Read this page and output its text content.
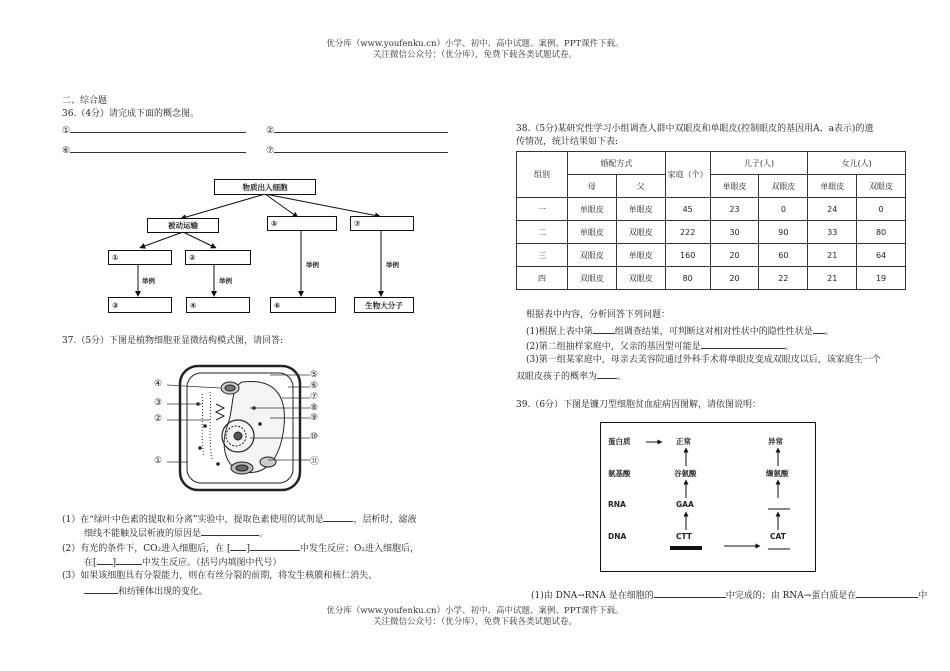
优分库（www.youfenku.cn）小学、初中、高中试题、案例、PPT课件下载。
关注微信公众号：（优分库），免费下载各类试题试卷。
优分库（www.youfenku.cn）小学、初中、高中试题、案例、PPT课件下载。
关注微信公众号：（优分库），免费下载各类试题试卷。
二、综合题
36.（4分）请完成下面的概念图。
①	②
⑥	⑦
物质出入细胞
被动运输	⑤	⑦
①	②
举例	举例
举例	举例
③	④	⑥	生物大分子
37.（5分）下图是植物细胞亚显微结构模式图，请回答:
④
③
②
①
⑤
⑥
⑦
⑧
⑨
⑩
⑪
(1）在“绿叶中色素的提取和分离”实验中，提取色素使用的试剂是	，层析时，滤液
细线不能触及层析液的原因是	。
(2）有光的条件下，CO₂进入细胞后，在 [ ]	中发生反应；O₂进入细胞后，
在[ ]	中发生反应。（括号内填图中代号）
(3）如果该细胞具有分裂能力，则在有丝分裂的前期，将发生核膜和核仁消失、
和纺锤体出现的变化。
38.（5分)某研究性学习小组调查人群中双眼皮和单眼皮(控制眼皮的基因用A、a表示)的遗
传情况，统计结果如下表:
组别	婚配方式		家庭（个）	儿子(人)		女儿(人)	
	母	父		单眼皮	双眼皮	单眼皮	双眼皮
一	单眼皮	单眼皮	45	23	0	24	0
二	单眼皮	双眼皮	222	30	90	33	80
三	双眼皮	单眼皮	160	20	60	21	64
四	双眼皮	双眼皮	80	20	22	21	19
根据表中内容，分析回答下列问题：
(1)根据上表中第 组调查结果，可判断这对相对性状中的隐性性状是 。
(2)第二组抽样家庭中，父亲的基因型可能是	。
(3)第一组某家庭中，母亲去美容院通过外科手术将单眼皮变成双眼皮以后，该家庭生一个
双眼皮孩子的概率为 。
39.（6分）下图是镰刀型细胞贫血症病因图解，请依图说明：
蛋白质
氨基酸
RNA
DNA
正常	异常
谷氨酸	缬氨酸
GAA
CTT	CAT
(1)由 DNA→RNA 是在细胞的	中完成的；由 RNA→蛋白质是在	中
